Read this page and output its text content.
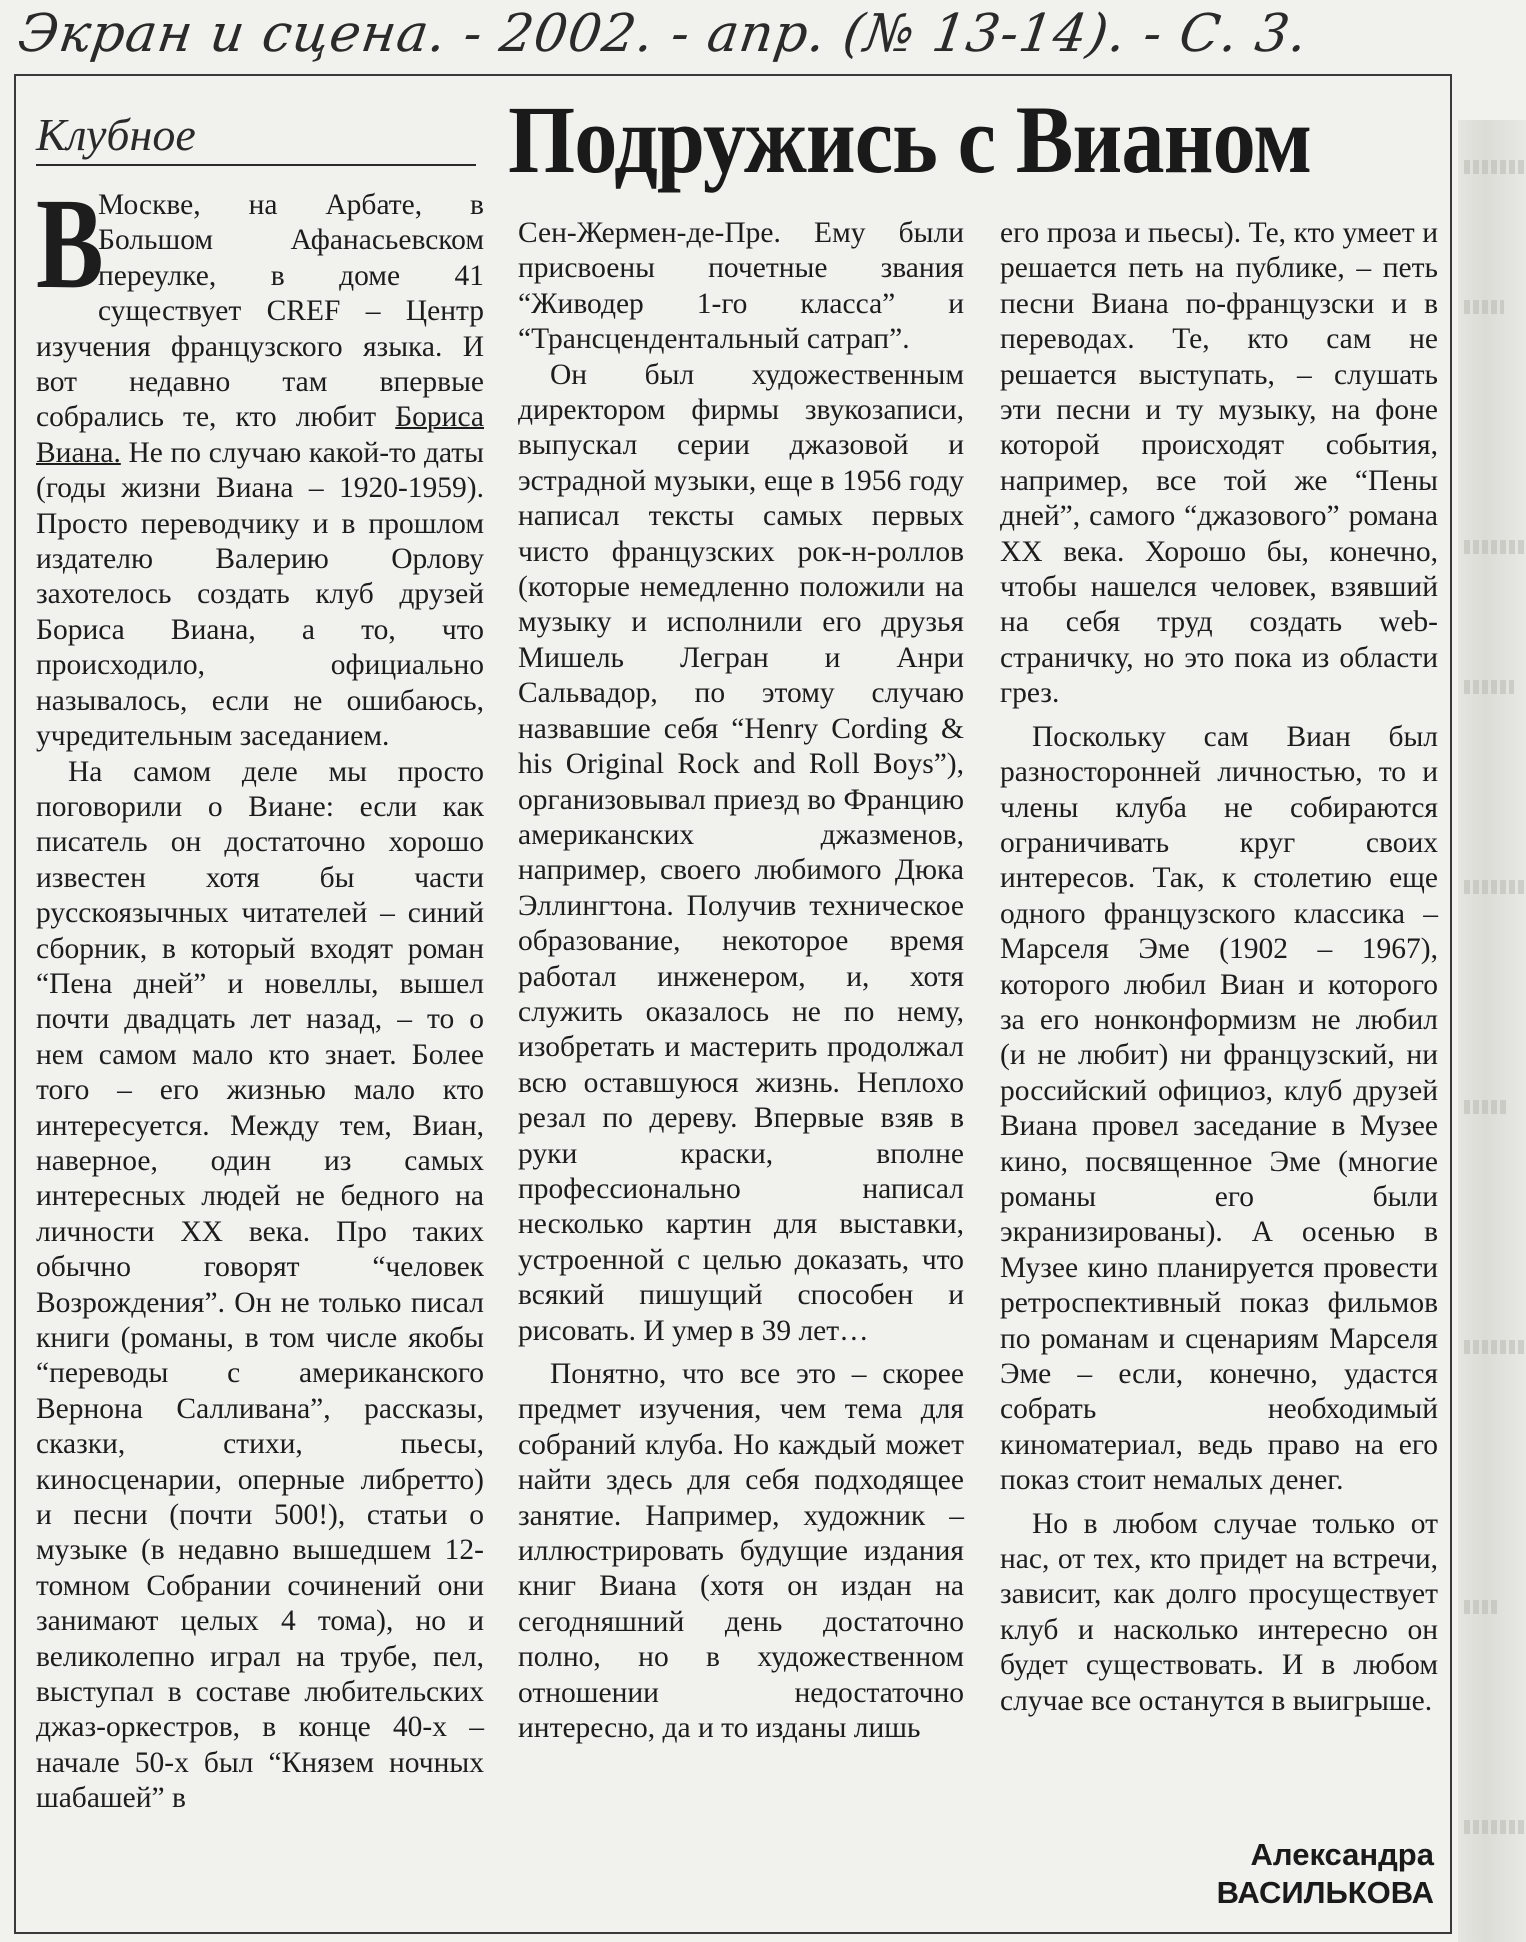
Экран и сцена. - 2002. - апр. (№ 13-14). - С. 3.
Клубное	Подружись с Вианом

В
Москве, на Арбате, в Большом Афанасьевском переулке, в доме 41 существует CREF – Центр изучения французского языка. И вот недавно там впервые собрались те, кто любит Бориса Виана. Не по случаю какой-то даты (годы жизни Виана – 1920-1959). Просто переводчику и в прошлом издателю Валерию Орлову захотелось создать клуб друзей Бориса Виана, а то, что происходило, официально называлось, если не ошибаюсь, учредительным заседанием.

На самом деле мы просто поговорили о Виане: если как писатель он достаточно хорошо известен хотя бы части русскоязычных читателей – синий сборник, в который входят роман “Пена дней” и новеллы, вышел почти двадцать лет назад, – то о нем самом мало кто знает. Более того – его жизнью мало кто интересуется. Между тем, Виан, наверное, один из самых интересных людей не бедного на личности XX века. Про таких обычно говорят “человек Возрождения”. Он не только писал книги (романы, в том числе якобы “переводы с американского Вернона Салливана”, рассказы, сказки, стихи, пьесы, киносценарии, оперные либретто) и песни (почти 500!), статьи о музыке (в недавно вышедшем 12-томном Собрании сочинений они занимают целых 4 тома), но и великолепно играл на трубе, пел, выступал в составе любительских джаз-оркестров, в конце 40-х – начале 50-х был “Князем ночных шабашей” в

Сен-Жермен-де-Пре. Ему были присвоены почетные звания “Живодер 1-го класса” и “Трансцендентальный сатрап”.

Он был художественным директором фирмы звукозаписи, выпускал серии джазовой и эстрадной музыки, еще в 1956 году написал тексты самых первых чисто французских рок-н-роллов (которые немедленно положили на музыку и исполнили его друзья Мишель Легран и Анри Сальвадор, по этому случаю назвавшие себя “Henry Cording & his Original Rock and Roll Boys”), организовывал приезд во Францию американских джазменов, например, своего любимого Дюка Эллингтона. Получив техническое образование, некоторое время работал инженером, и, хотя служить оказалось не по нему, изобретать и мастерить продолжал всю оставшуюся жизнь. Неплохо резал по дереву. Впервые взяв в руки краски, вполне профессионально написал несколько картин для выставки, устроенной с целью доказать, что всякий пишущий способен и рисовать. И умер в 39 лет…

Понятно, что все это – скорее предмет изучения, чем тема для собраний клуба. Но каждый может найти здесь для себя подходящее занятие. Например, художник – иллюстрировать будущие издания книг Виана (хотя он издан на сегодняшний день достаточно полно, но в художественном отношении недостаточно интересно, да и то изданы лишь

его проза и пьесы). Те, кто умеет и решается петь на публике, – петь песни Виана по-французски и в переводах. Те, кто сам не решается выступать, – слушать эти песни и ту музыку, на фоне которой происходят события, например, все той же “Пены дней”, самого “джазового” романа XX века. Хорошо бы, конечно, чтобы нашелся человек, взявший на себя труд создать web-страничку, но это пока из области грез.

Поскольку сам Виан был разносторонней личностью, то и члены клуба не собираются ограничивать круг своих интересов. Так, к столетию еще одного французского классика – Марселя Эме (1902 – 1967), которого любил Виан и которого за его нонконформизм не любил (и не любит) ни французский, ни российский официоз, клуб друзей Виана провел заседание в Музее кино, посвященное Эме (многие романы его были экранизированы). А осенью в Музее кино планируется провести ретроспективный показ фильмов по романам и сценариям Марселя Эме – если, конечно, удастся собрать необходимый киноматериал, ведь право на его показ стоит немалых денег.

Но в любом случае только от нас, от тех, кто придет на встречи, зависит, как долго просуществует клуб и насколько интересно он будет существовать. И в любом случае все останутся в выигрыше.

Александра
ВАСИЛЬКОВА
